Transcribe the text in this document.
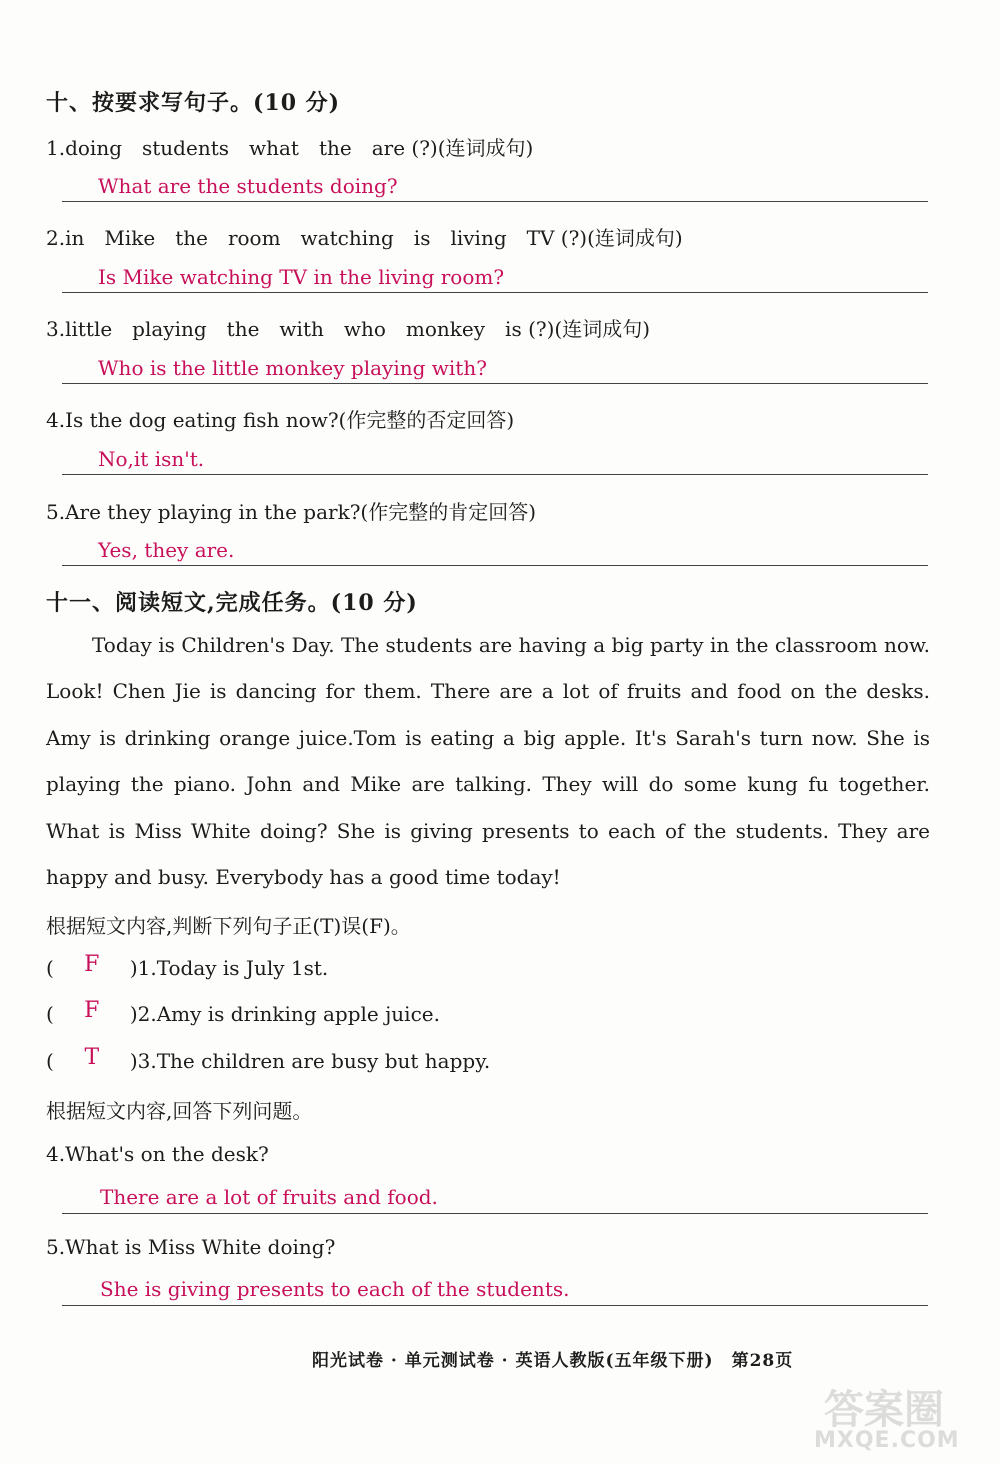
十、按要求写句子。(10 分)
1.doing　students　what　the　are (?)(连词成句)
What are the students doing?
2.in　Mike　the　room　watching　is　living　TV (?)(连词成句)
Is Mike watching TV in the living room?
3.little　playing　the　with　who　monkey　is (?)(连词成句)
Who is the little monkey playing with?
4.Is the dog eating fish now?(作完整的否定回答)
No,it isn't.
5.Are they playing in the park?(作完整的肯定回答)
Yes, they are.
十一、阅读短文,完成任务。(10 分)

Today is Children's Day. The students are having a big party in the classroom now. Look! Chen Jie is dancing for them. There are a lot of fruits and food on the desks. Amy is drinking orange juice.Tom is eating a big apple. It's Sarah's turn now. She is playing the piano. John and Mike are talking. They will do some kung fu together. What is Miss White doing? She is giving presents to each of the students. They are happy and busy. Everybody has a good time today!

根据短文内容,判断下列句子正(T)误(F)。
( F )1.Today is July 1st.
( F )2.Amy is drinking apple juice.
( T )3.The children are busy but happy.
根据短文内容,回答下列问题。
4.What's on the desk?
There are a lot of fruits and food.
5.What is Miss White doing?
She is giving presents to each of the students.
阳光试卷 · 单元测试卷 · 英语人教版(五年级下册)　第28页
答案圈
MXQE.COM
